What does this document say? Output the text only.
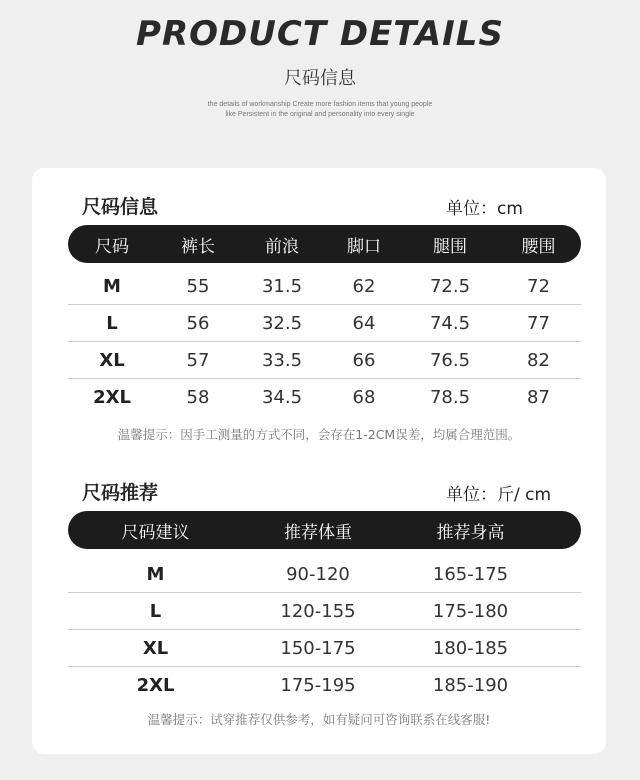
PRODUCT DETAILS
尺码信息
the details of workmanship Create more fashion items that young people
like Persistent in the original and personality into every single
尺码信息	单位：cm
尺码	裤长	前浪	脚口	腿围	腰围
M	55	31.5	62	72.5	72
L	56	32.5	64	74.5	77
XL	57	33.5	66	76.5	82
2XL	58	34.5	68	78.5	87
温馨提示：因手工测量的方式不同，会存在1-2CM误差，均属合理范围。
尺码推荐	单位：斤/ cm
尺码建议	推荐体重	推荐身高
M	90-120	165-175
L	120-155	175-180
XL	150-175	180-185
2XL	175-195	185-190
温馨提示：试穿推荐仅供参考，如有疑问可咨询联系在线客服!
